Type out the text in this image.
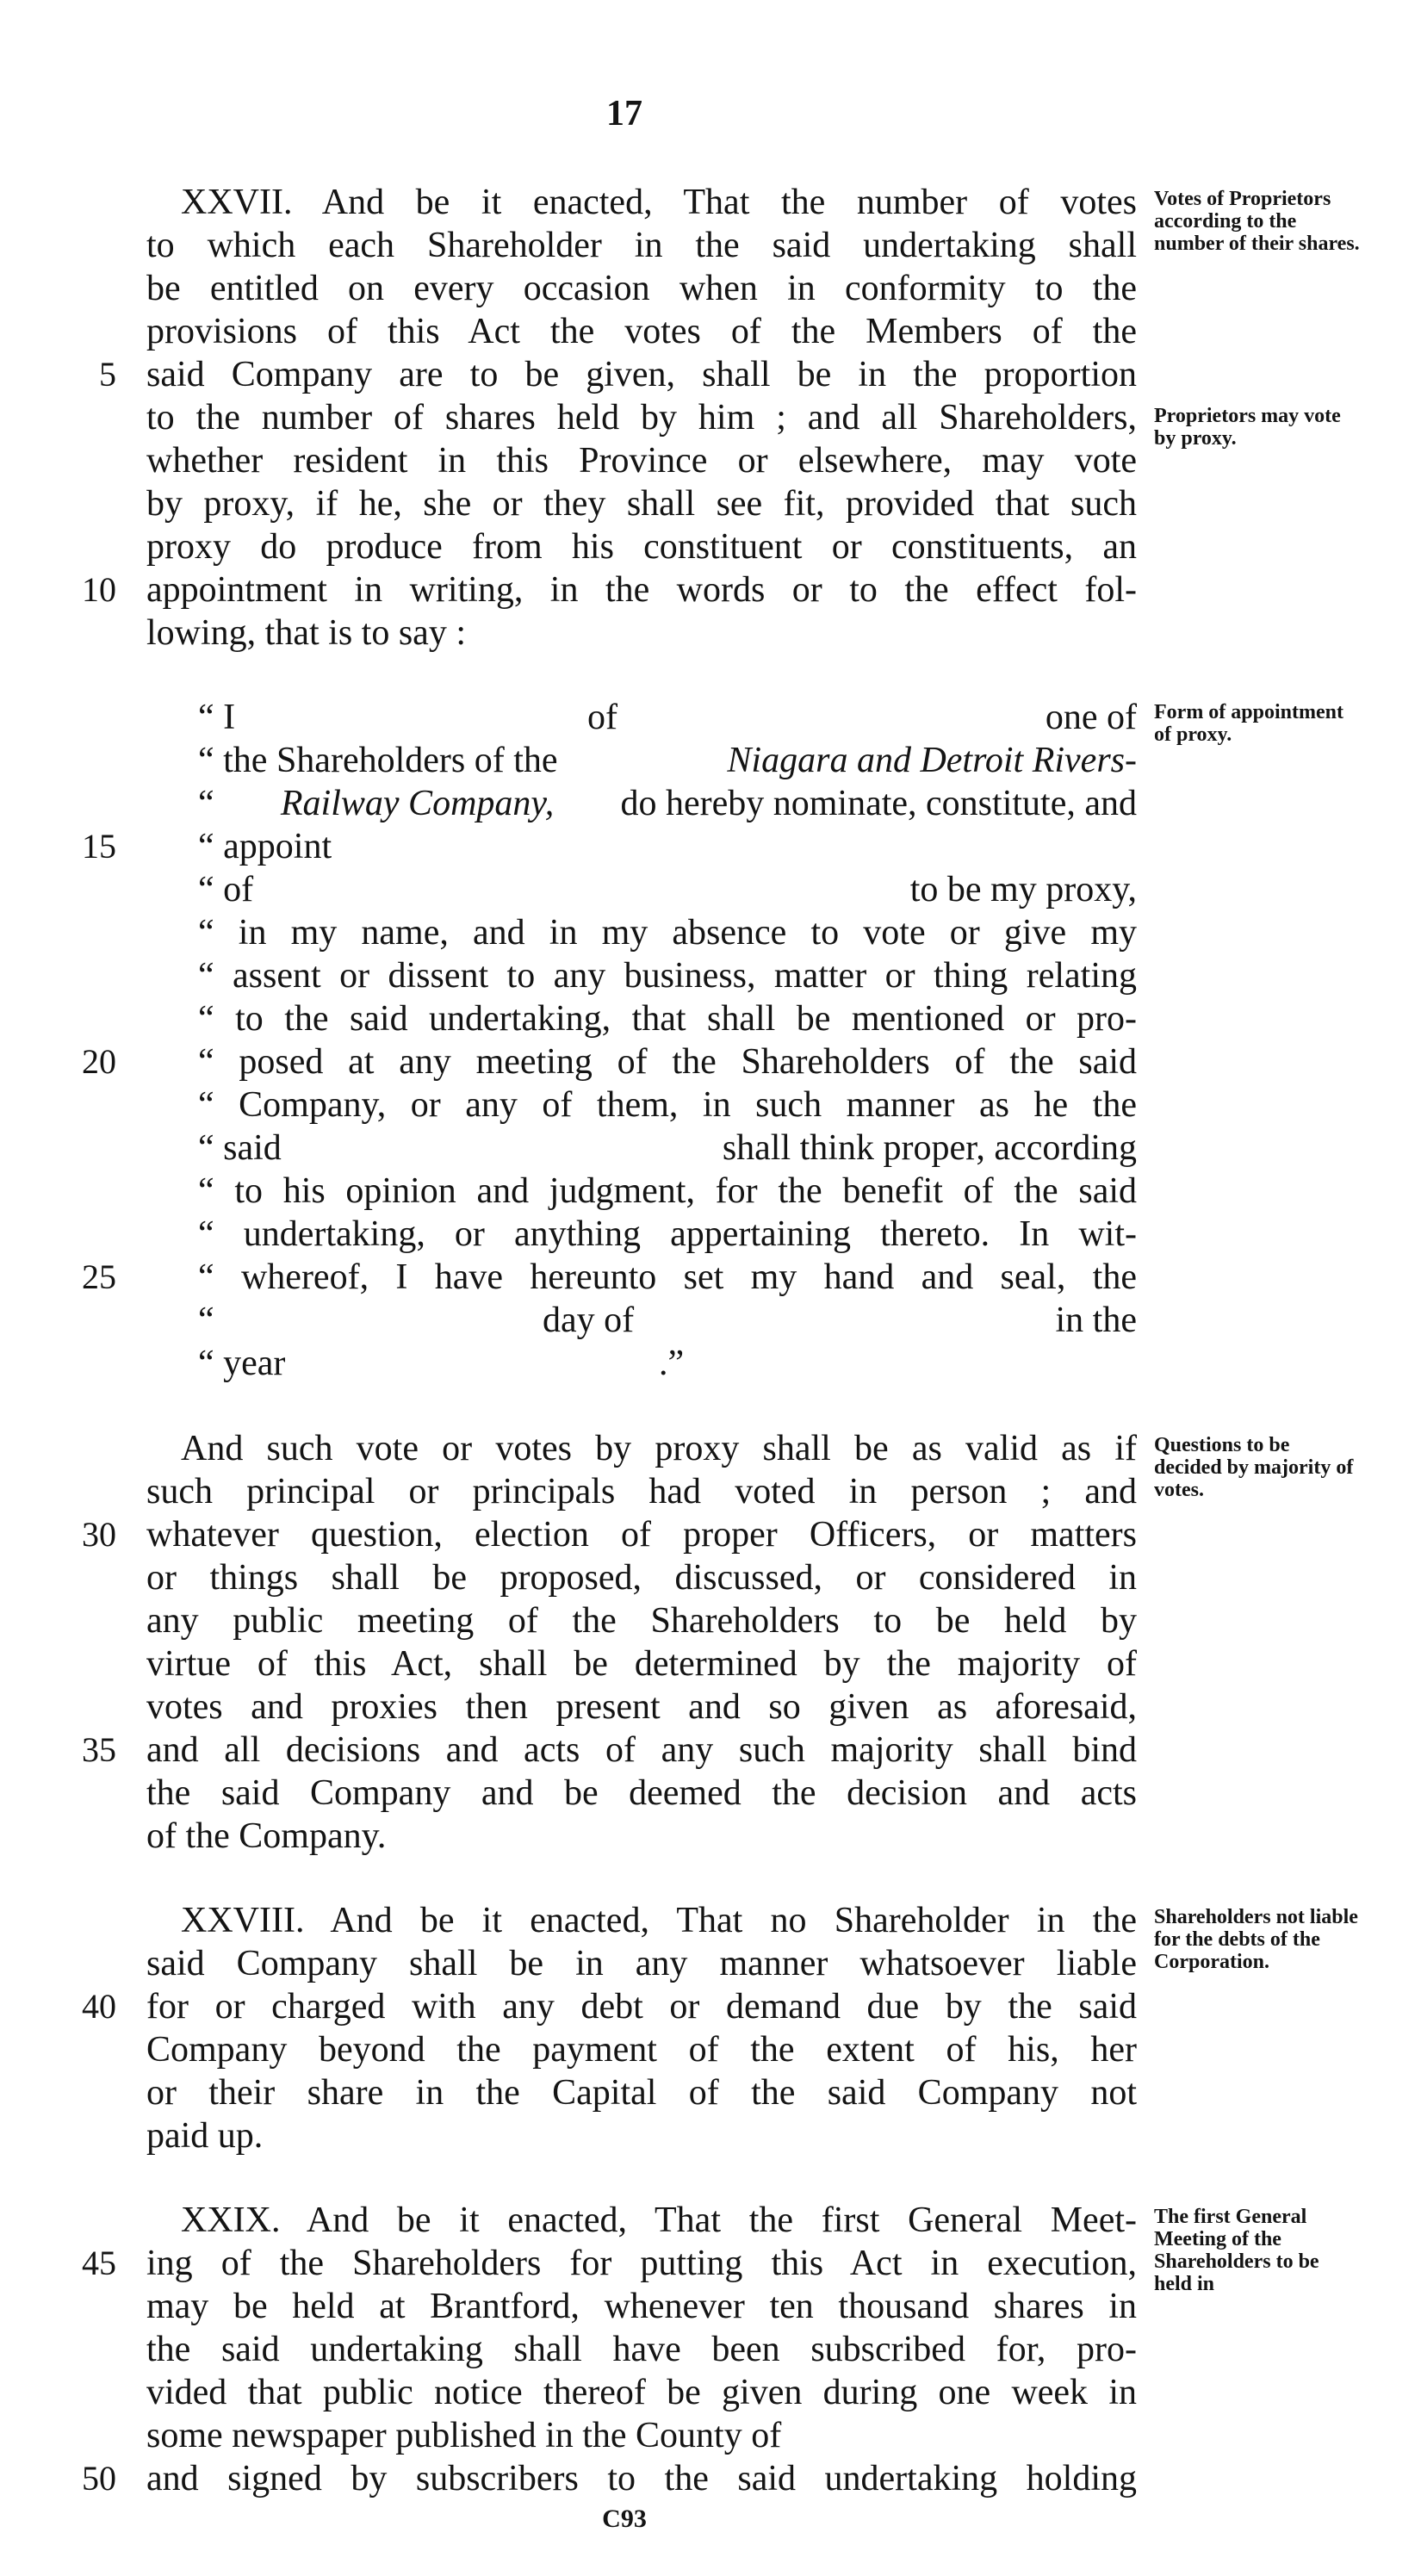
17
XXVII. And be it enacted, That the number of votes
to which each Shareholder in the said undertaking shall
be entitled on every occasion when in conformity to the
provisions of this Act the votes of the Members of the
said Company are to be given, shall be in the proportion
to the number of shares held by him ; and all Shareholders,
whether resident in this Province or elsewhere, may vote
by proxy, if he, she or they shall see fit, provided that such
proxy do produce from his constituent or constituents, an
appointment in writing, in the words or to the effect fol-
lowing, that is to say :
“ I	of	one of
“ the Shareholders of the	Niagara and Detroit Rivers-
“ Railway Company, do hereby nominate, constitute, and
“ appoint
“ of	to be my proxy,
“ in my name, and in my absence to vote or give my
“ assent or dissent to any business, matter or thing relating
“ to the said undertaking, that shall be mentioned or pro-
“ posed at any meeting of the Shareholders of the said
“ Company, or any of them, in such manner as he the
“ said	shall think proper, according
“ to his opinion and judgment, for the benefit of the said
“ undertaking, or anything appertaining thereto. In wit-
“ whereof, I have hereunto set my hand and seal, the
“	day of	in the
“ year	.”
And such vote or votes by proxy shall be as valid as if
such principal or principals had voted in person ; and
whatever question, election of proper Officers, or matters
or things shall be proposed, discussed, or considered in
any public meeting of the Shareholders to be held by
virtue of this Act, shall be determined by the majority of
votes and proxies then present and so given as aforesaid,
and all decisions and acts of any such majority shall bind
the said Company and be deemed the decision and acts
of the Company.
XXVIII. And be it enacted, That no Shareholder in the
said Company shall be in any manner whatsoever liable
for or charged with any debt or demand due by the said
Company beyond the payment of the extent of his, her
or their share in the Capital of the said Company not
paid up.
XXIX. And be it enacted, That the first General Meet-
ing of the Shareholders for putting this Act in execution,
may be held at Brantford, whenever ten thousand shares in
the said undertaking shall have been subscribed for, pro-
vided that public notice thereof be given during one week in
some newspaper published in the County of
and signed by subscribers to the said undertaking holding
5
10
15
20
25
30
35
40
45
50
Votes of Proprietors according to the number of their shares.
Proprietors may vote by proxy.
Form of appointment of proxy.
Questions to be decided by majority of votes.
Shareholders not liable for the debts of the Corporation.
The first General Meeting of the Shareholders to be held in
C93
